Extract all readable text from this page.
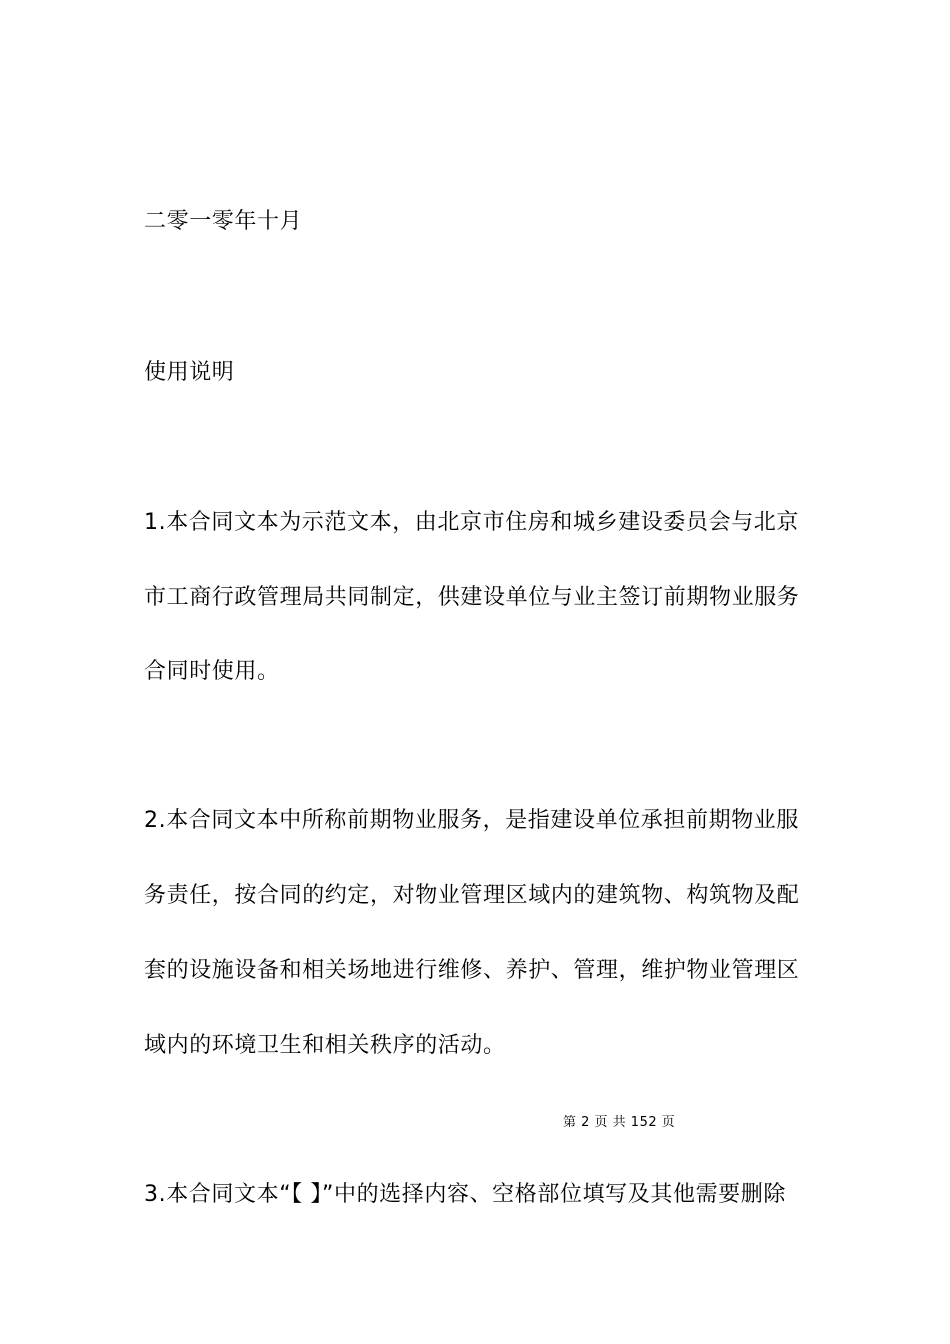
二零一零年十月
使用说明
1.本合同文本为示范文本，由北京市住房和城乡建设委员会与北京
市工商行政管理局共同制定，供建设单位与业主签订前期物业服务
合同时使用。
2.本合同文本中所称前期物业服务，是指建设单位承担前期物业服
务责任，按合同的约定，对物业管理区域内的建筑物、构筑物及配
套的设施设备和相关场地进行维修、养护、管理，维护物业管理区
域内的环境卫生和相关秩序的活动。
第 2 页 共 152 页
3.本合同文本“【 】”中的选择内容、空格部位填写及其他需要删除
